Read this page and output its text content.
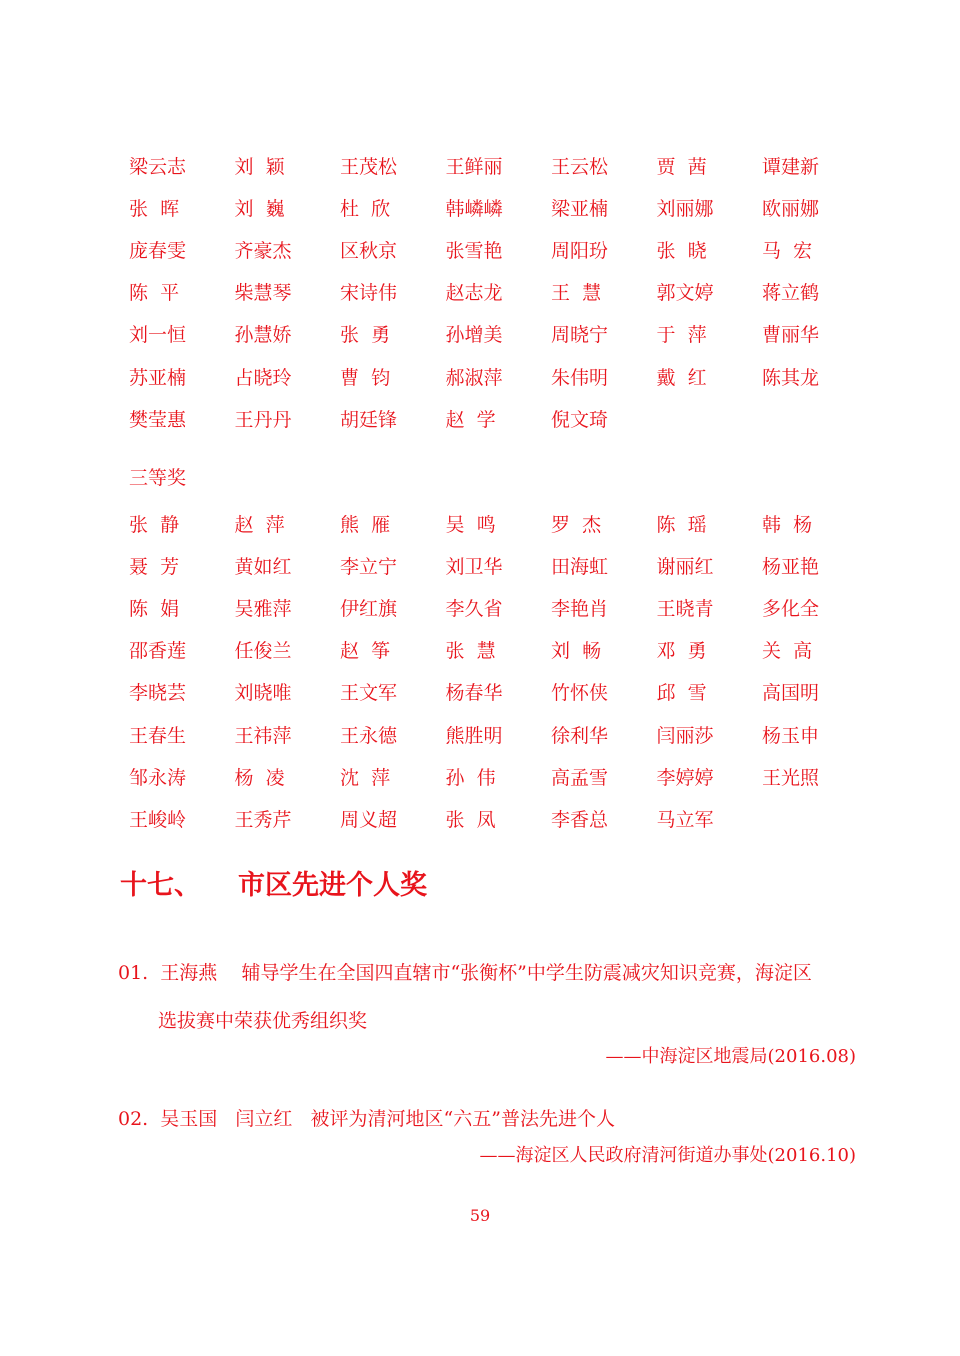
梁云志	刘  颖	王茂松	王鲜丽	王云松	贾  茜	谭建新
张  晖	刘  巍	杜  欣	韩嶙嶙	梁亚楠	刘丽娜	欧丽娜
庞春雯	齐豪杰	区秋京	张雪艳	周阳玢	张  晓	马  宏
陈  平	柴慧琴	宋诗伟	赵志龙	王  慧	郭文婷	蒋立鹤
刘一恒	孙慧娇	张  勇	孙增美	周晓宁	于  萍	曹丽华
苏亚楠	占晓玲	曹  钧	郝淑萍	朱伟明	戴  红	陈其龙
樊莹惠	王丹丹	胡廷锋	赵  学	倪文琦
三等奖
张  静	赵  萍	熊  雁	吴  鸣	罗  杰	陈  瑶	韩  杨
聂  芳	黄如红	李立宁	刘卫华	田海虹	谢丽红	杨亚艳
陈  娟	吴雅萍	伊红旗	李久省	李艳肖	王晓青	多化全
邵香莲	任俊兰	赵  筝	张  慧	刘  畅	邓  勇	关  高
李晓芸	刘晓唯	王文军	杨春华	竹怀侠	邱  雪	高国明
王春生	王祎萍	王永德	熊胜明	徐利华	闫丽莎	杨玉申
邹永涛	杨  凌	沈  萍	孙  伟	高孟雪	李婷婷	王光照
王峻岭	王秀芹	周义超	张  凤	李香总	马立军
十七、 市区先进个人奖
01.  王海燕    辅导学生在全国四直辖市“张衡杯”中学生防震减灾知识竞赛，海淀区
选拔赛中荣获优秀组织奖
——中海淀区地震局(2016.08)
02.  吴玉国   闫立红   被评为清河地区“六五”普法先进个人
——海淀区人民政府清河街道办事处(2016.10)
59
